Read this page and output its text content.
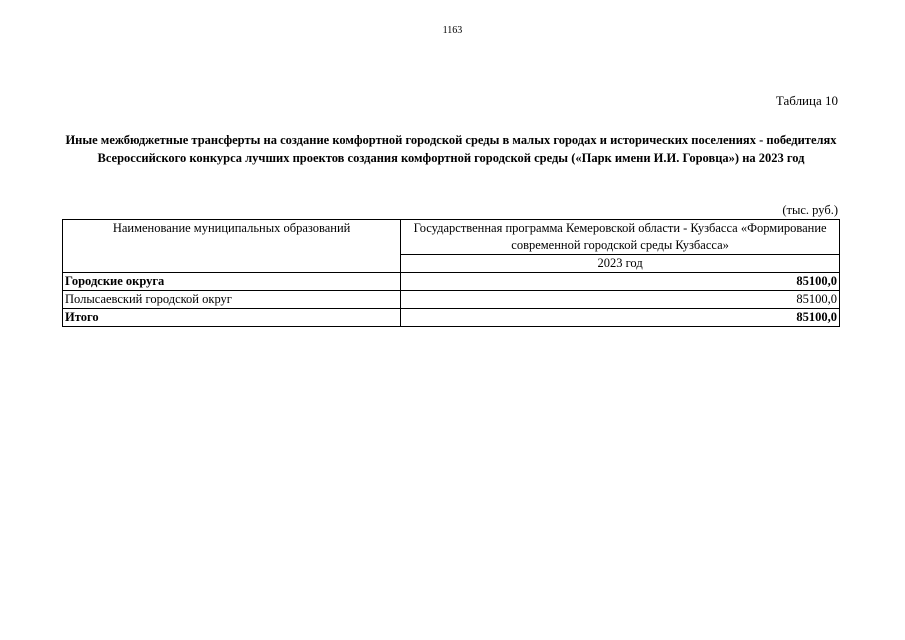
1163
Таблица 10
Иные межбюджетные трансферты на создание комфортной городской среды в малых городах и исторических поселениях - победителях Всероссийского конкурса лучших проектов создания комфортной городской среды («Парк имени И.И. Горовца») на 2023 год
(тыс. руб.)
Наименование муниципальных образований	Государственная программа Кемеровской области - Кузбасса «Формирование современной городской среды Кузбасса»
	2023 год
Городские округа	85100,0
Полысаевский городской округ	85100,0
Итого	85100,0
